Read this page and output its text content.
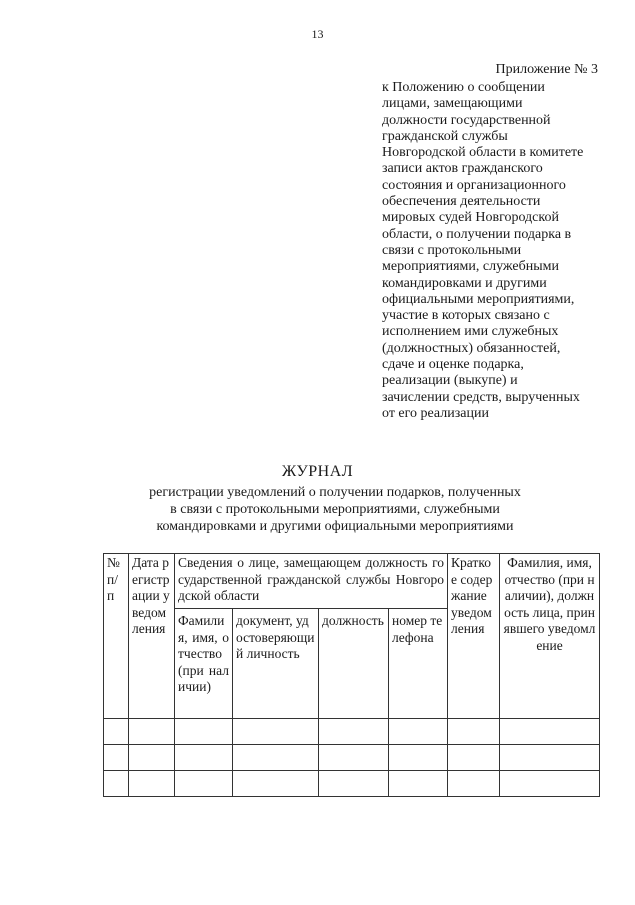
13
Приложение № 3
к Положению о сообщении
лицами, замещающими
должности государственной
гражданской службы
Новгородской области в комитете
записи актов гражданского
состояния и организационного
обеспечения деятельности
мировых судей Новгородской
области, о получении подарка в
связи с протокольными
мероприятиями, служебными
командировками и другими
официальными мероприятиями,
участие в которых связано с
исполнением ими служебных
(должностных) обязанностей,
сдаче и оценке подарка,
реализации (выкупе) и
зачислении средств, вырученных
от его реализации
ЖУРНАЛ
регистрации уведомлений о получении подарков, полученных
в связи с протокольными мероприятиями, служебными
командировками и другими официальными мероприятиями
№ п/п	Дата регистрации уведомления	Сведения о лице, замещающем должность государственной гражданской службы Новгородской области				Краткое содержание уведомления	Фамилия, имя, отчество (при наличии), должность лица, принявшего уведомление
		Фамилия, имя, отчество (при наличии)	документ, удостоверяющий личность	должность	номер телефона		
